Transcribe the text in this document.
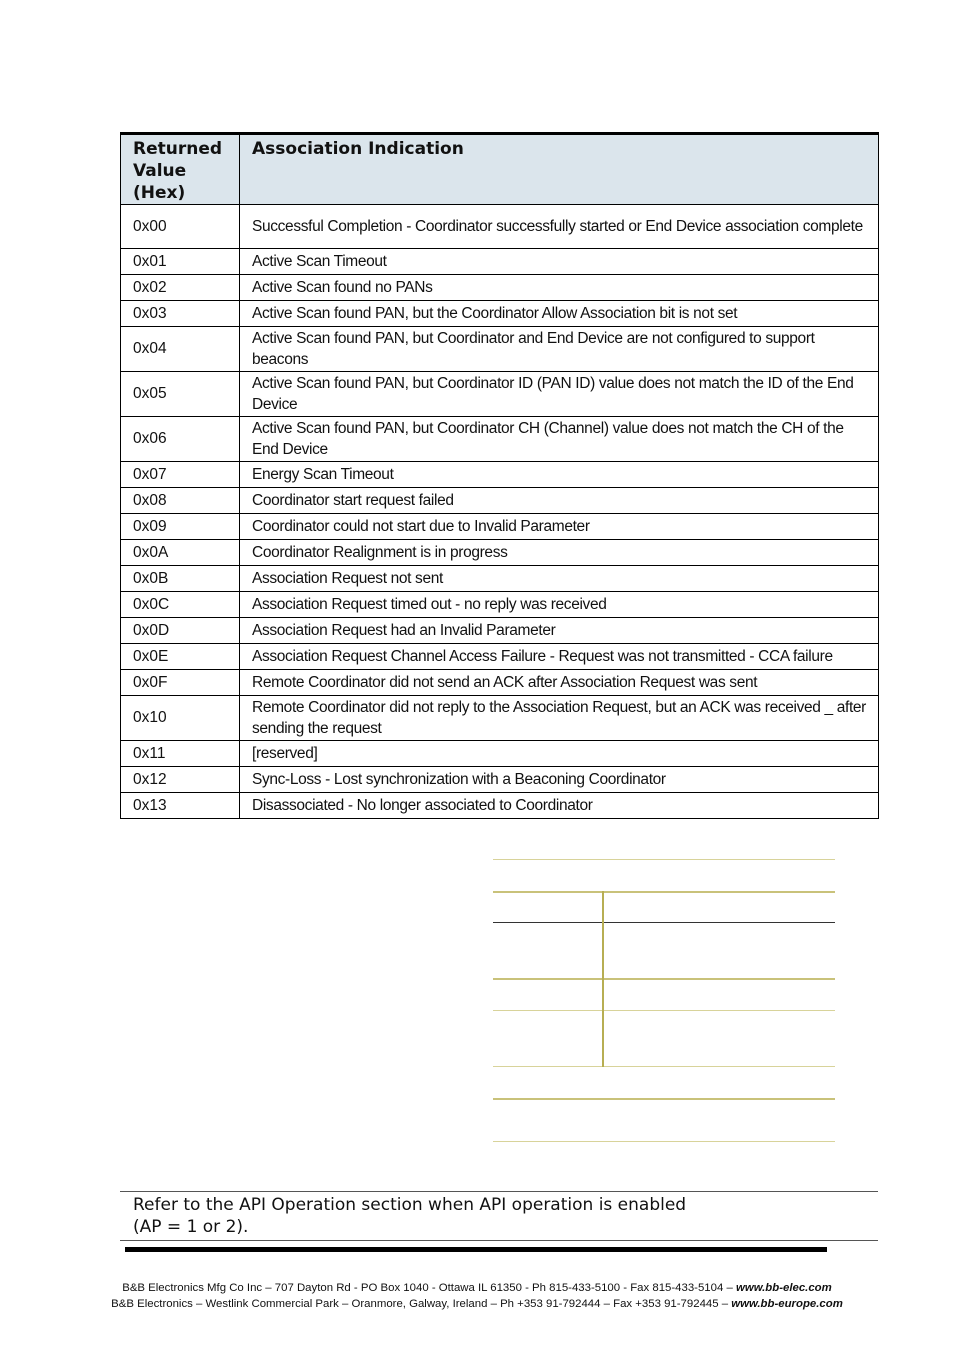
Returned
Value
(Hex)	Association Indication
0x00	Successful Completion - Coordinator successfully started or End Device association complete
0x01	Active Scan Timeout
0x02	Active Scan found no PANs
0x03	Active Scan found PAN, but the Coordinator Allow Association bit is not set
0x04	Active Scan found PAN, but Coordinator and End Device are not configured to support beacons
0x05	Active Scan found PAN, but Coordinator ID (PAN ID) value does not match the ID of the End Device
0x06	Active Scan found PAN, but Coordinator CH (Channel) value does not match the CH of the End Device
0x07	Energy Scan Timeout
0x08	Coordinator start request failed
0x09	Coordinator could not start due to Invalid Parameter
0x0A	Coordinator Realignment is in progress
0x0B	Association Request not sent
0x0C	Association Request timed out - no reply was received
0x0D	Association Request had an Invalid Parameter
0x0E	Association Request Channel Access Failure - Request was not transmitted - CCA failure
0x0F	Remote Coordinator did not send an ACK after Association Request was sent
0x10	Remote Coordinator did not reply to the Association Request, but an ACK was received _ after sending the request
0x11	[reserved]
0x12	Sync-Loss - Lost synchronization with a Beaconing Coordinator
0x13	Disassociated - No longer associated to Coordinator
Refer to the API Operation section when API operation is enabled
(AP = 1 or 2).
B&B Electronics Mfg Co Inc – 707 Dayton Rd - PO Box 1040 - Ottawa IL 61350 - Ph 815-433-5100 - Fax 815-433-5104 – www.bb-elec.com
B&B Electronics – Westlink Commercial Park – Oranmore, Galway, Ireland – Ph +353 91-792444 – Fax +353 91-792445 – www.bb-europe.com
